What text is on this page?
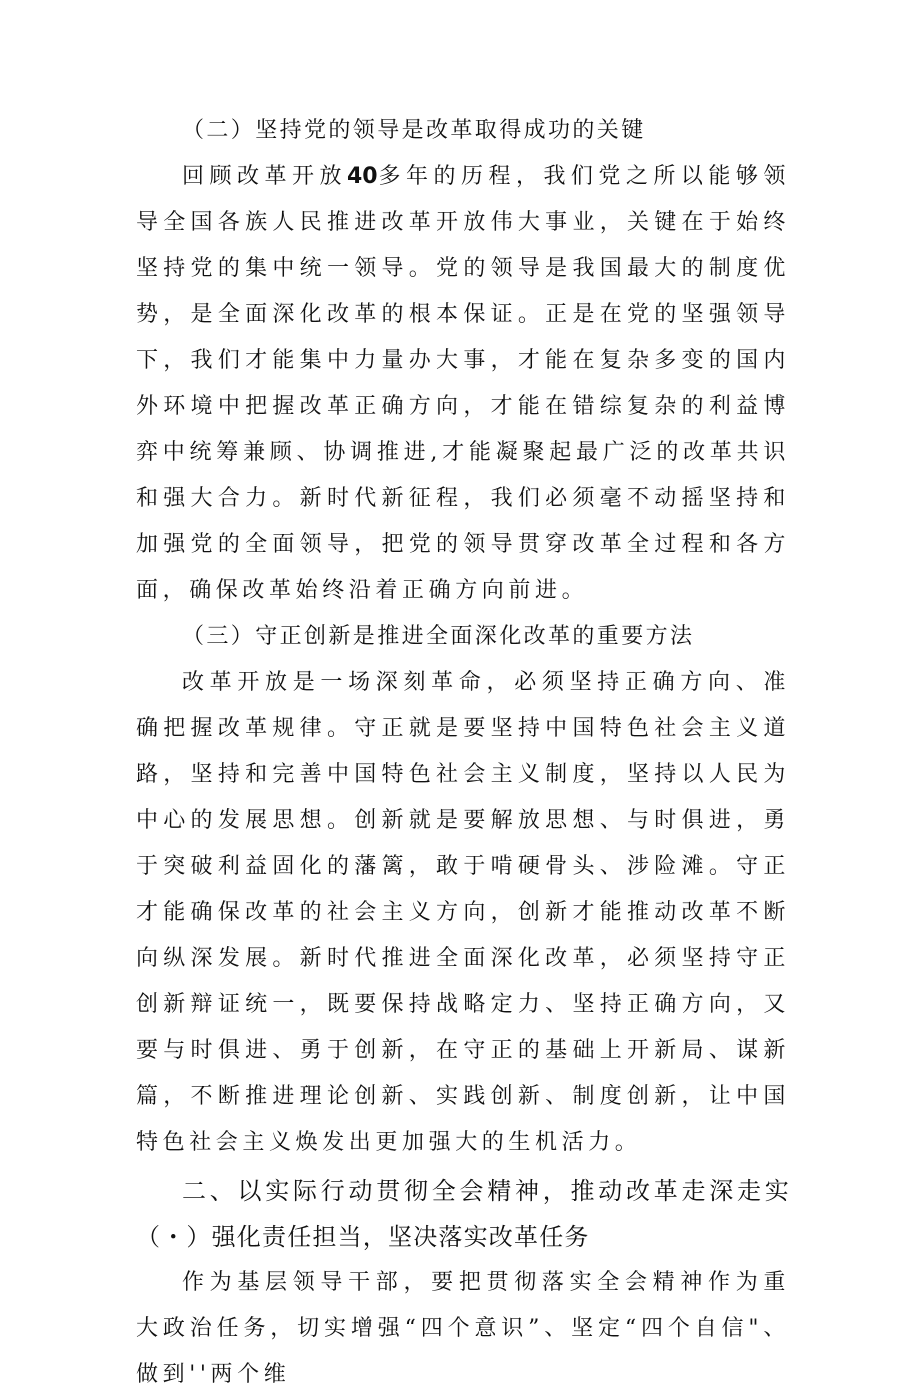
（二）坚持党的领导是改革取得成功的关键

回顾改革开放40多年的历程，我们党之所以能够领导全国各族人民推进改革开放伟大事业，关键在于始终坚持党的集中统一领导。党的领导是我国最大的制度优势，是全面深化改革的根本保证。正是在党的坚强领导下，我们才能集中力量办大事，才能在复杂多变的国内外环境中把握改革正确方向，才能在错综复杂的利益博弈中统筹兼顾、协调推进,才能凝聚起最广泛的改革共识和强大合力。新时代新征程，我们必须毫不动摇坚持和加强党的全面领导，把党的领导贯穿改革全过程和各方面，确保改革始终沿着正确方向前进。

（三）守正创新是推进全面深化改革的重要方法

改革开放是一场深刻革命，必须坚持正确方向、准确把握改革规律。守正就是要坚持中国特色社会主义道路，坚持和完善中国特色社会主义制度，坚持以人民为中心的发展思想。创新就是要解放思想、与时俱进，勇于突破利益固化的藩篱，敢于啃硬骨头、涉险滩。守正才能确保改革的社会主义方向，创新才能推动改革不断向纵深发展。新时代推进全面深化改革，必须坚持守正创新辩证统一，既要保持战略定力、坚持正确方向，又要与时俱进、勇于创新，在守正的基础上开新局、谋新篇，不断推进理论创新、实践创新、制度创新，让中国特色社会主义焕发出更加强大的生机活力。

二、以实际行动贯彻全会精神，推动改革走深走实（・）强化责任担当，坚决落实改革任务

作为基层领导干部，要把贯彻落实全会精神作为重大政治任务，切实增强“四个意识”、坚定“四个自信"、做到''两个维
